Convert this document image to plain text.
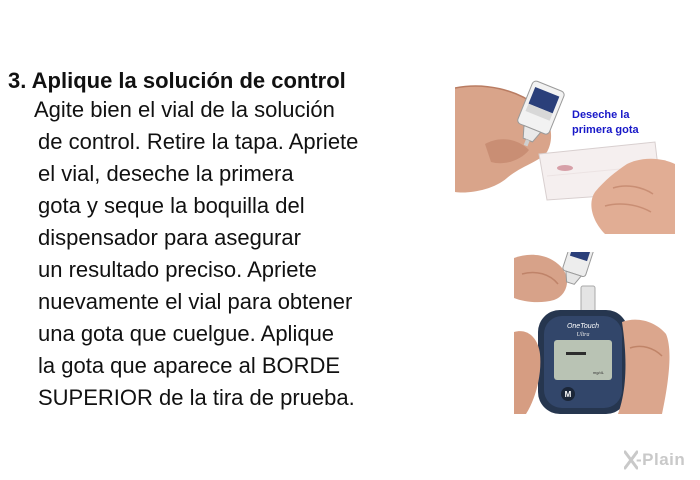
3. Aplique la solución de control
Agite bien el vial de la solución
de control. Retire la tapa. Apriete
el vial, deseche la primera
gota y seque la boquilla del
dispensador para asegurar
un resultado preciso. Apriete
nuevamente el vial para obtener
una gota que cuelgue. Aplique
la gota que aparece al BORDE
SUPERIOR de la tira de prueba.

Deseche la
primera gota

OneTouch
Ultra
mg/dL
M

-Plain
